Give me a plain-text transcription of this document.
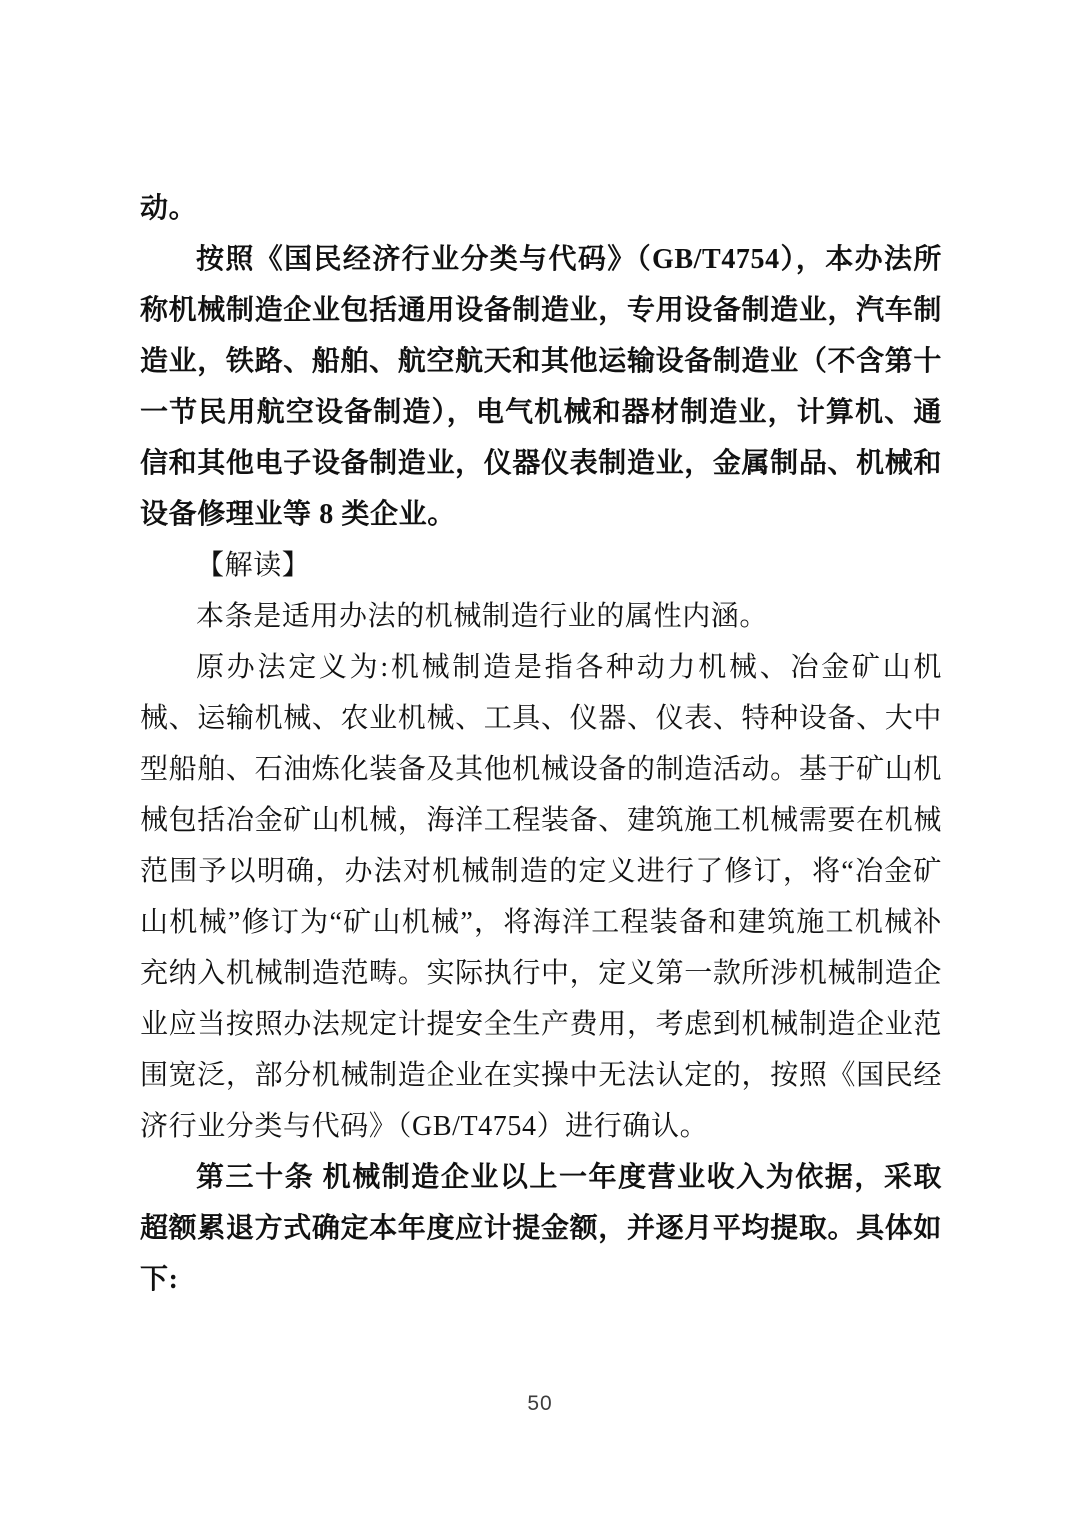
动。

按照《国民经济行业分类与代码》（GB/T4754），本办法所称机械制造企业包括通用设备制造业，专用设备制造业，汽车制造业，铁路、船舶、航空航天和其他运输设备制造业（不含第十一节民用航空设备制造），电气机械和器材制造业，计算机、通信和其他电子设备制造业，仪器仪表制造业，金属制品、机械和设备修理业等 8 类企业。

【解读】

本条是适用办法的机械制造行业的属性内涵。

原办法定义为:机械制造是指各种动力机械、冶金矿山机械、运输机械、农业机械、工具、仪器、仪表、特种设备、大中型船舶、石油炼化装备及其他机械设备的制造活动。基于矿山机械包括冶金矿山机械，海洋工程装备、建筑施工机械需要在机械范围予以明确，办法对机械制造的定义进行了修订，将“冶金矿山机械”修订为“矿山机械”，将海洋工程装备和建筑施工机械补充纳入机械制造范畴。实际执行中，定义第一款所涉机械制造企业应当按照办法规定计提安全生产费用，考虑到机械制造企业范围宽泛，部分机械制造企业在实操中无法认定的，按照《国民经济行业分类与代码》（GB/T4754）进行确认。

第三十条 机械制造企业以上一年度营业收入为依据，采取超额累退方式确定本年度应计提金额，并逐月平均提取。具体如下:

50
